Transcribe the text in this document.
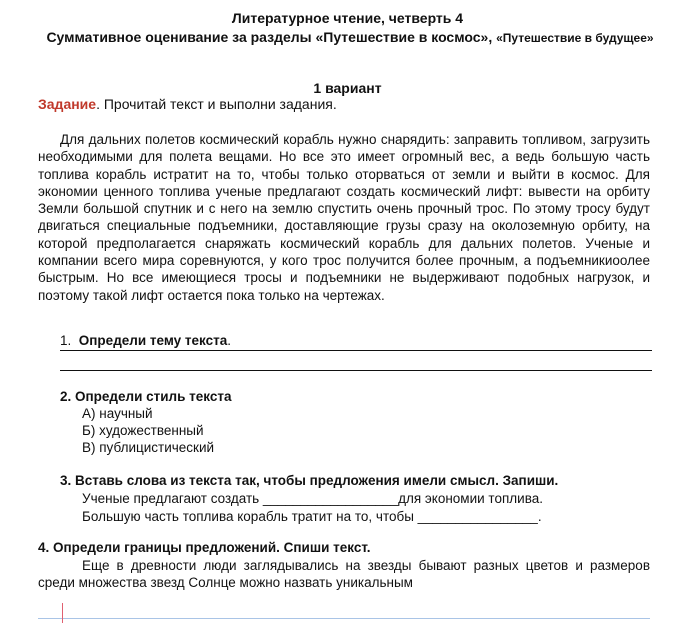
Литературное чтение, четверть 4
Суммативное оценивание за разделы «Путешествие в космос», «Путешествие в будущее»
1 вариант
Задание. Прочитай текст и выполни задания.
Для дальних полетов космический корабль нужно снарядить: заправить топливом, загрузить необходимыми для полета вещами. Но все это имеет огромный вес, а ведь большую часть топлива корабль истратит на то, чтобы только оторваться от земли и выйти в космос. Для экономии ценного топлива ученые предлагают создать космический лифт: вывести на орбиту Земли большой спутник и с него на землю спустить очень прочный трос. По этому тросу будут двигаться специальные подъемники, доставляющие грузы сразу на околоземную орбиту, на которой предполагается снаряжать космический корабль для дальних полетов. Ученые и компании всего мира соревнуются, у кого трос получится более прочным, а подъемникиоолее быстрым. Но все имеющиеся тросы и подъемники не выдерживают подобных нагрузок, и поэтому такой лифт остается пока только на чертежах.
1. Определи тему текста.
2. Определи стиль текста
А) научный
Б) художественный
В) публицистический
3. Вставь слова из текста так, чтобы предложения имели смысл. Запиши.
Ученые предлагают создать __________________для экономии топлива.
Большую часть топлива корабль тратит на то, чтобы ________________.
4. Определи границы предложений. Спиши текст.
Еще в древности люди заглядывались на звезды бывают разных цветов и размеров среди множества звезд Солнце можно назвать уникальным
